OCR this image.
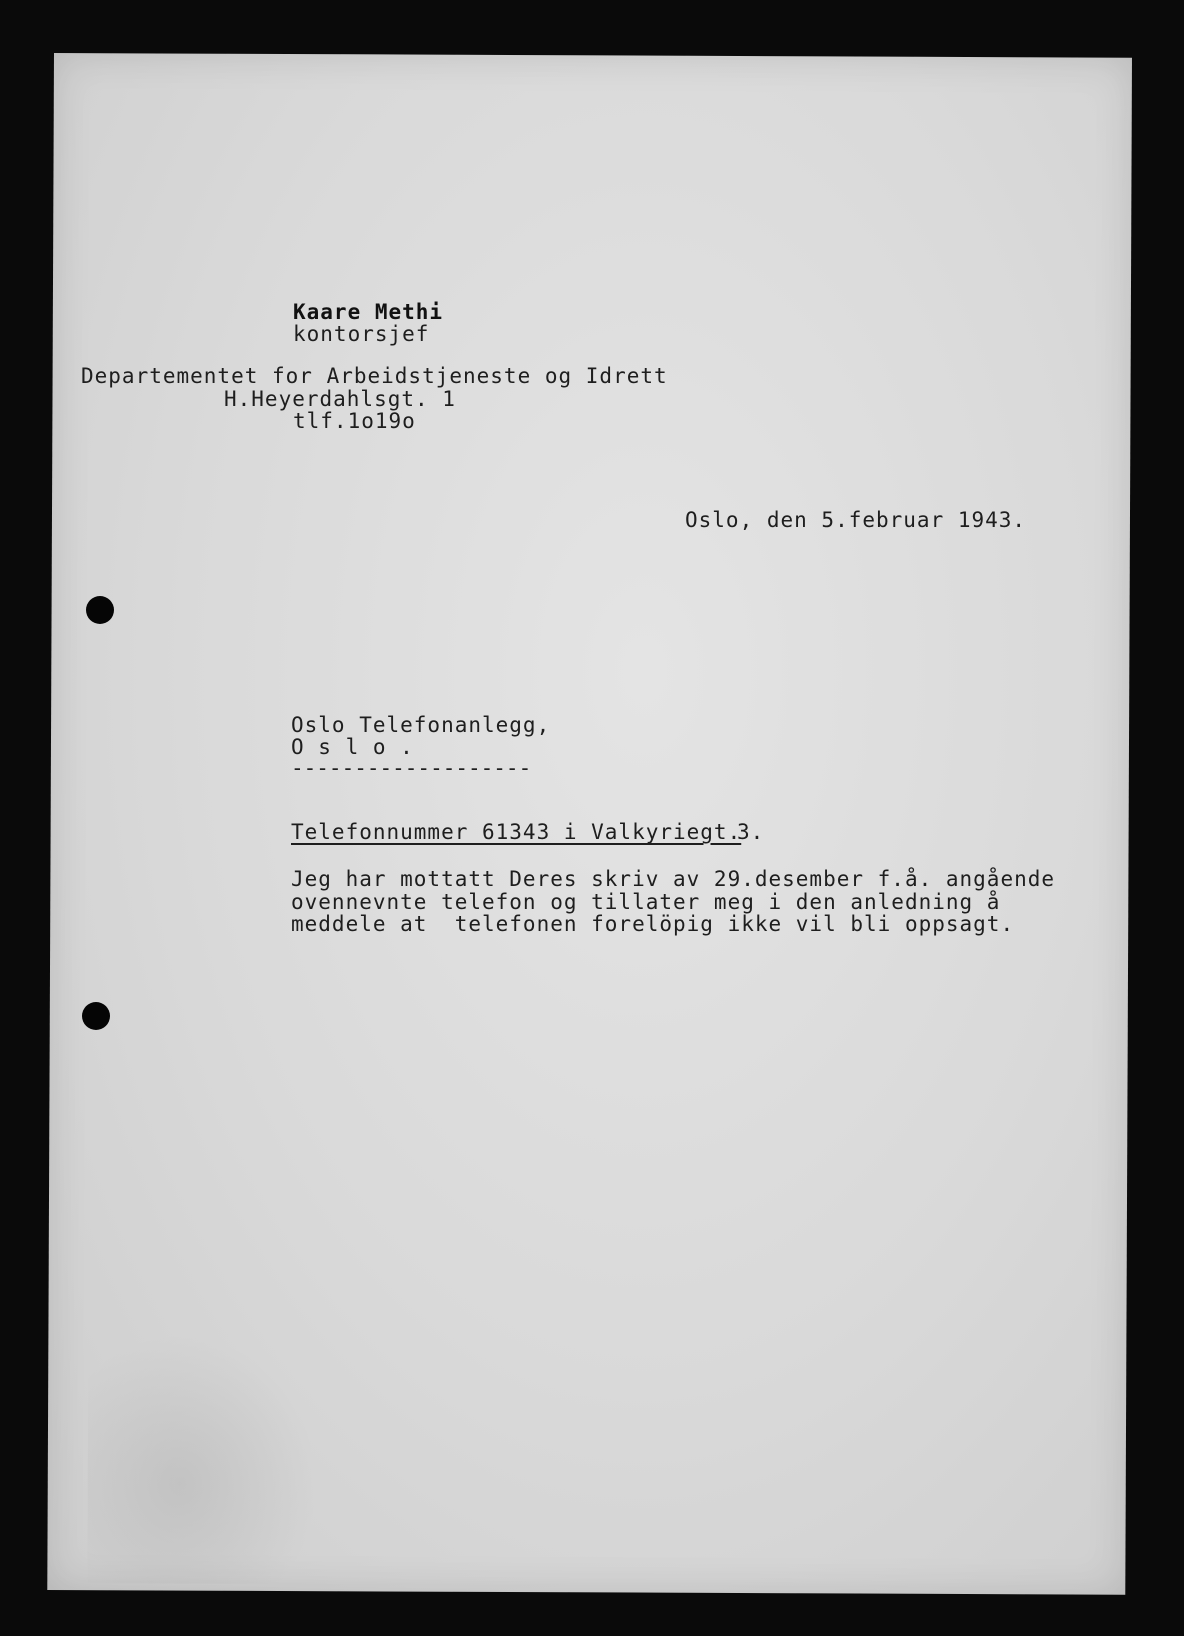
Kaare Methi
kontorsjef
Departementet for Arbeidstjeneste og Idrett
H.Heyerdahlsgt. 1
tlf.1o19o
Oslo, den 5.februar 1943.
Oslo Telefonanlegg,
O s l o .
-------------------
Telefonnummer 61343 i Valkyriegt.
3.
Jeg har mottatt Deres skriv av 29.desember f.å. angående
ovennevnte telefon og tillater meg i den anledning å
meddele at  telefonen forelöpig ikke vil bli oppsagt.
